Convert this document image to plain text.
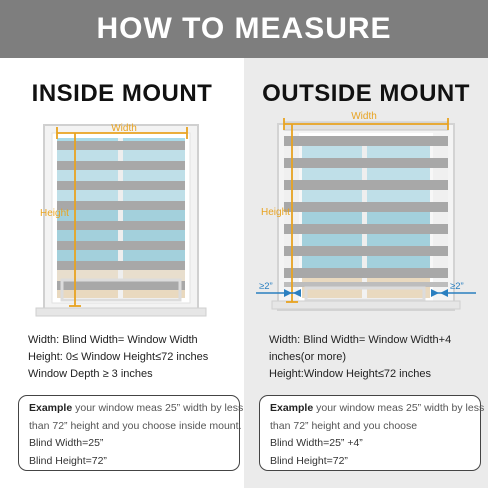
HOW TO MEASURE
INSIDE MOUNT
Width
Height
Width: Blind Width= Window Width
Height: 0≤ Window Height≤72 inches
Window Depth ≥ 3 inches
Example your window meas 25” width by less
than 72” height and you choose inside mount.
Blind Width=25”
Blind Height=72”
OUTSIDE MOUNT
Width
Height
≥2”	≥2”
Width: Blind Width= Window Width+4
inches(or more)
Height:Window Height≤72 inches
Example your window meas 25” width by less
than 72” height and you choose
Blind Width=25” +4”
Blind Height=72”
